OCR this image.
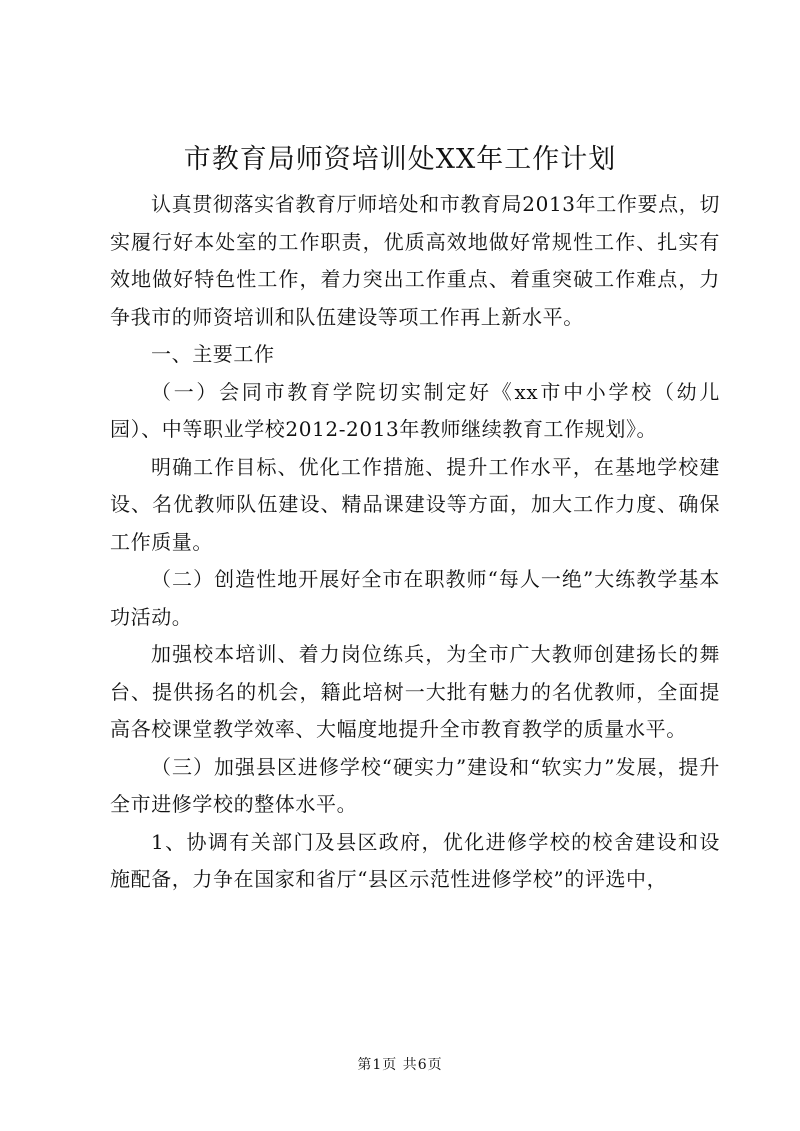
市教育局师资培训处XX年工作计划

认真贯彻落实省教育厅师培处和市教育局2013年工作要点，切实履行好本处室的工作职责，优质高效地做好常规性工作、扎实有效地做好特色性工作，着力突出工作重点、着重突破工作难点，力争我市的师资培训和队伍建设等项工作再上新水平。

一、主要工作

（一）会同市教育学院切实制定好《xx市中小学校（幼儿园）、中等职业学校2012-2013年教师继续教育工作规划》。

明确工作目标、优化工作措施、提升工作水平，在基地学校建设、名优教师队伍建设、精品课建设等方面，加大工作力度、确保工作质量。

（二）创造性地开展好全市在职教师“每人一绝”大练教学基本功活动。

加强校本培训、着力岗位练兵，为全市广大教师创建扬长的舞台、提供扬名的机会，籍此培树一大批有魅力的名优教师，全面提高各校课堂教学效率、大幅度地提升全市教育教学的质量水平。

（三）加强县区进修学校“硬实力”建设和“软实力”发展，提升全市进修学校的整体水平。

1、协调有关部门及县区政府，优化进修学校的校舍建设和设施配备，力争在国家和省厅“县区示范性进修学校”的评选中，

第1页 共6页
